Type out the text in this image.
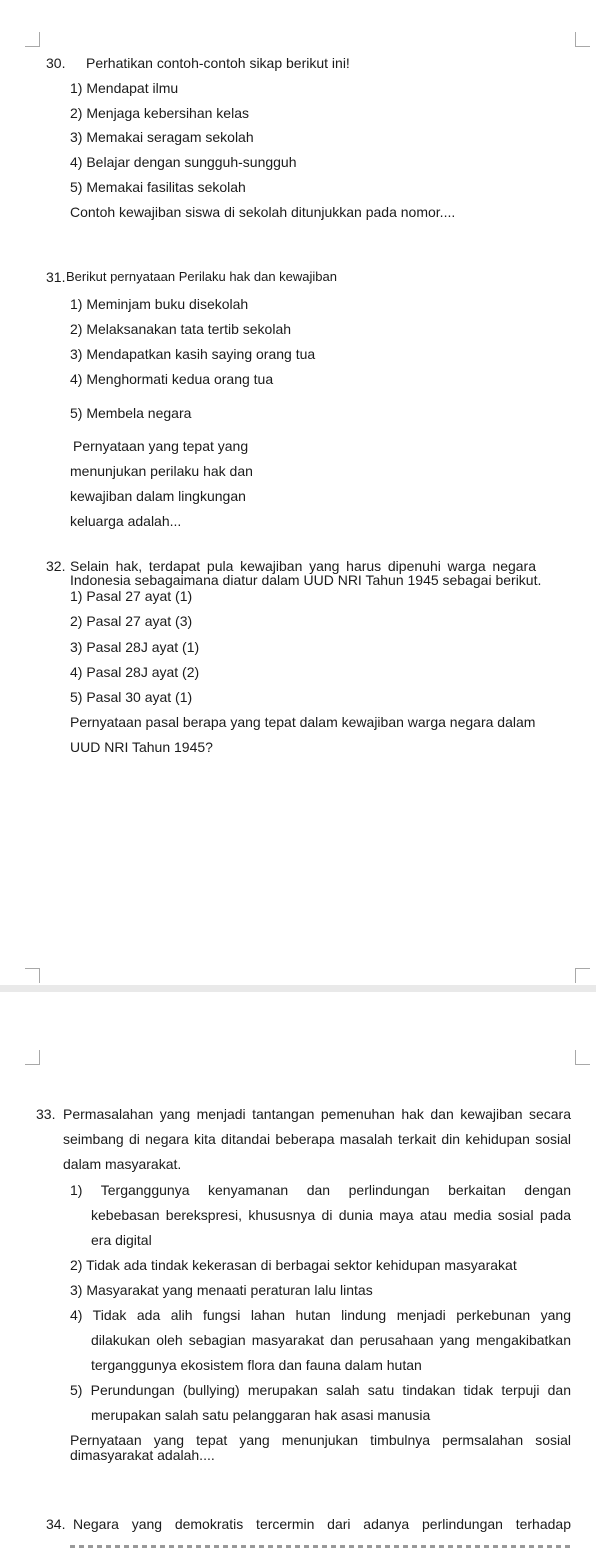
30. Perhatikan contoh-contoh sikap berikut ini!
1) Mendapat ilmu
2) Menjaga kebersihan kelas
3) Memakai seragam sekolah
4) Belajar dengan sungguh-sungguh
5) Memakai fasilitas sekolah
Contoh kewajiban siswa di sekolah ditunjukkan pada nomor....
31. Berikut pernyataan Perilaku hak dan kewajiban
1) Meminjam buku disekolah
2) Melaksanakan tata tertib sekolah
3) Mendapatkan kasih saying orang tua
4) Menghormati kedua orang tua
5) Membela negara
Pernyataan yang tepat yang
menunjukan perilaku hak dan
kewajiban dalam lingkungan
keluarga adalah...
32. Selain hak, terdapat pula kewajiban yang harus dipenuhi warga negara
Indonesia sebagaimana diatur dalam UUD NRI Tahun 1945 sebagai berikut.
1) Pasal 27 ayat (1)
2) Pasal 27 ayat (3)
3) Pasal 28J ayat (1)
4) Pasal 28J ayat (2)
5) Pasal 30 ayat (1)
Pernyataan pasal berapa yang tepat dalam kewajiban warga negara dalam
UUD NRI Tahun 1945?
33. Permasalahan yang menjadi tantangan pemenuhan hak dan kewajiban secara
seimbang di negara kita ditandai beberapa masalah terkait din kehidupan sosial
dalam masyarakat.
1) Terganggunya kenyamanan dan perlindungan berkaitan dengan
kebebasan berekspresi, khususnya di dunia maya atau media sosial pada
era digital
2) Tidak ada tindak kekerasan di berbagai sektor kehidupan masyarakat
3) Masyarakat yang menaati peraturan lalu lintas
4) Tidak ada alih fungsi lahan hutan lindung menjadi perkebunan yang
dilakukan oleh sebagian masyarakat dan perusahaan yang mengakibatkan
terganggunya ekosistem flora dan fauna dalam hutan
5) Perundungan (bullying) merupakan salah satu tindakan tidak terpuji dan
merupakan salah satu pelanggaran hak asasi manusia
Pernyataan yang tepat yang menunjukan timbulnya permsalahan sosial
dimasyarakat adalah....
34. Negara yang demokratis tercermin dari adanya perlindungan terhadap
